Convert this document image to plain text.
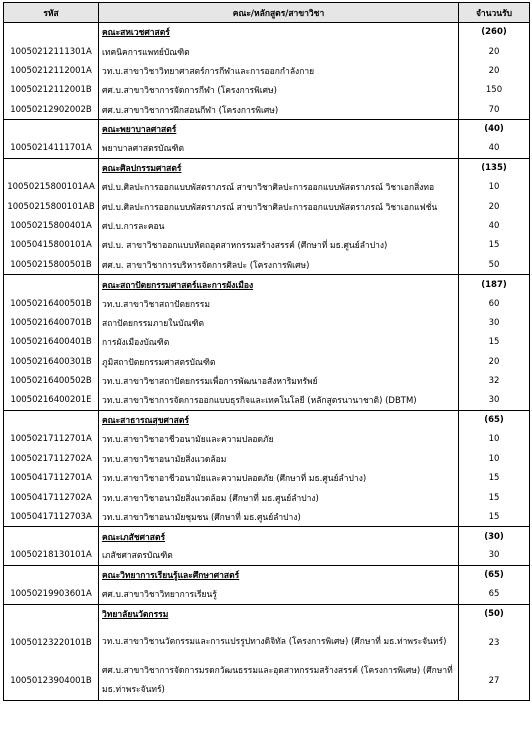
รหัส	คณะ/หลักสูตร/สาขาวิชา	จำนวนรับ
	คณะสหเวชศาสตร์	(260)
10050212111301A	เทคนิคการแพทย์บัณฑิต	20
10050212112001A	วท.บ.สาขาวิชาวิทยาศาสตร์การกีฬาและการออกกำลังกาย	20
10050212112001B	ศศ.บ.สาขาวิชาการจัดการกีฬา (โครงการพิเศษ)	150
10050212902002B	ศศ.บ.สาขาวิชาการฝึกสอนกีฬา (โครงการพิเศษ)	70
	คณะพยาบาลศาสตร์	(40)
10050214111701A	พยาบาลศาสตรบัณฑิต	40
	คณะศิลปกรรมศาสตร์	(135)
10050215800101AA	ศป.บ.ศิลปะการออกแบบพัสตราภรณ์ สาขาวิชาศิลปะการออกแบบพัสตราภรณ์ วิชาเอกสิ่งทอ	10
10050215800101AB	ศป.บ.ศิลปะการออกแบบพัสตราภรณ์ สาขาวิชาศิลปะการออกแบบพัสตราภรณ์ วิชาเอกแฟชั่น	20
10050215800401A	ศป.บ.การละคอน	40
10050415800101A	ศป.บ. สาขาวิชาออกแบบหัตถอุตสาหกรรมสร้างสรรค์ (ศึกษาที่ มธ.ศูนย์ลำปาง)	15
10050215800501B	ศศ.บ. สาขาวิชาการบริหารจัดการศิลปะ (โครงการพิเศษ)	50
	คณะสถาปัตยกรรมศาสตร์และการผังเมือง	(187)
10050216400501B	วท.บ.สาขาวิชาสถาปัตยกรรม	60
10050216400701B	สถาปัตยกรรมภายในบัณฑิต	30
10050216400401B	การผังเมืองบัณฑิต	15
10050216400301B	ภูมิสถาปัตยกรรมศาสตรบัณฑิต	20
10050216400502B	วท.บ.สาขาวิชาสถาปัตยกรรมเพื่อการพัฒนาอสังหาริมทรัพย์	32
10050216400201E	วท.บ.สาขาวิชาการจัดการออกแบบธุรกิจและเทคโนโลยี (หลักสูตรนานาชาติ) (DBTM)	30
	คณะสาธารณสุขศาสตร์	(65)
10050217112701A	วท.บ.สาขาวิชาอาชีวอนามัยและความปลอดภัย	10
10050217112702A	วท.บ.สาขาวิชาอนามัยสิ่งแวดล้อม	10
10050417112701A	วท.บ.สาขาวิชาอาชีวอนามัยและความปลอดภัย (ศึกษาที่ มธ.ศูนย์ลำปาง)	15
10050417112702A	วท.บ.สาขาวิชาอนามัยสิ่งแวดล้อม (ศึกษาที่ มธ.ศูนย์ลำปาง)	15
10050417112703A	วท.บ.สาขาวิชาอนามัยชุมชน (ศึกษาที่ มธ.ศูนย์ลำปาง)	15
	คณะเภสัชศาสตร์	(30)
10050218130101A	เภสัชศาสตรบัณฑิต	30
	คณะวิทยาการเรียนรู้และศึกษาศาสตร์	(65)
10050219903601A	ศศ.บ.สาขาวิชาวิทยาการเรียนรู้	65
	วิทยาลัยนวัตกรรม	(50)
10050123220101B	วท.บ.สาขาวิชานวัตกรรมและการแปรรูปทางดิจิทัล (โครงการพิเศษ) (ศึกษาที่ มธ.ท่าพระจันทร์)	23
10050123904001B	ศศ.บ.สาขาวิชาการจัดการมรดกวัฒนธรรมและอุตสาหกรรมสร้างสรรค์ (โครงการพิเศษ) (ศึกษาที่ มธ.ท่าพระจันทร์)	27
